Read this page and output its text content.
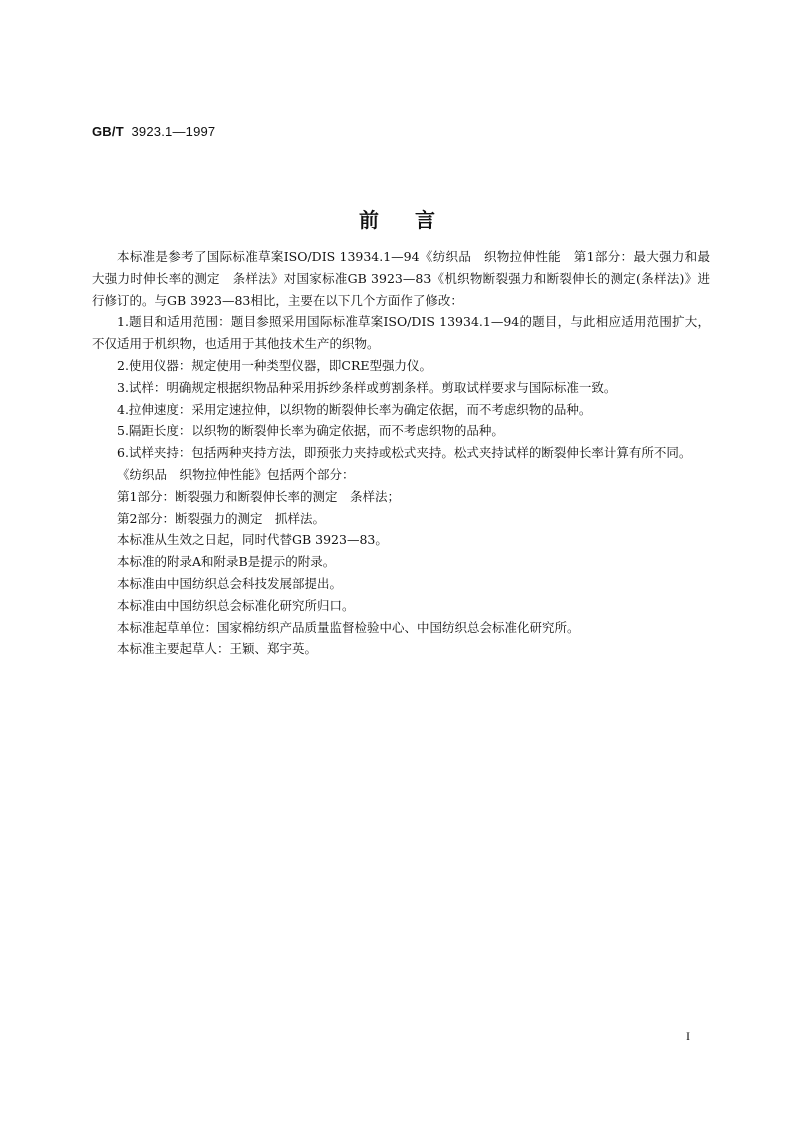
GB/T 3923.1—1997
前言

本标准是参考了国际标准草案ISO/DIS 13934.1—94《纺织品　织物拉伸性能　第1部分：最大强力和最大强力时伸长率的测定　条样法》对国家标准GB 3923—83《机织物断裂强力和断裂伸长的测定(条样法)》进行修订的。与GB 3923—83相比，主要在以下几个方面作了修改：

1.题目和适用范围：题目参照采用国际标准草案ISO/DIS 13934.1—94的题目，与此相应适用范围扩大，不仅适用于机织物，也适用于其他技术生产的织物。

2.使用仪器：规定使用一种类型仪器，即CRE型强力仪。

3.试样：明确规定根据织物品种采用拆纱条样或剪割条样。剪取试样要求与国际标准一致。

4.拉伸速度：采用定速拉伸，以织物的断裂伸长率为确定依据，而不考虑织物的品种。

5.隔距长度：以织物的断裂伸长率为确定依据，而不考虑织物的品种。

6.试样夹持：包括两种夹持方法，即预张力夹持或松式夹持。松式夹持试样的断裂伸长率计算有所不同。

《纺织品　织物拉伸性能》包括两个部分：

第1部分：断裂强力和断裂伸长率的测定　条样法；

第2部分：断裂强力的测定　抓样法。

本标准从生效之日起，同时代替GB 3923—83。

本标准的附录A和附录B是提示的附录。

本标准由中国纺织总会科技发展部提出。

本标准由中国纺织总会标准化研究所归口。

本标准起草单位：国家棉纺织产品质量监督检验中心、中国纺织总会标准化研究所。

本标准主要起草人：王颖、郑宇英。

I
